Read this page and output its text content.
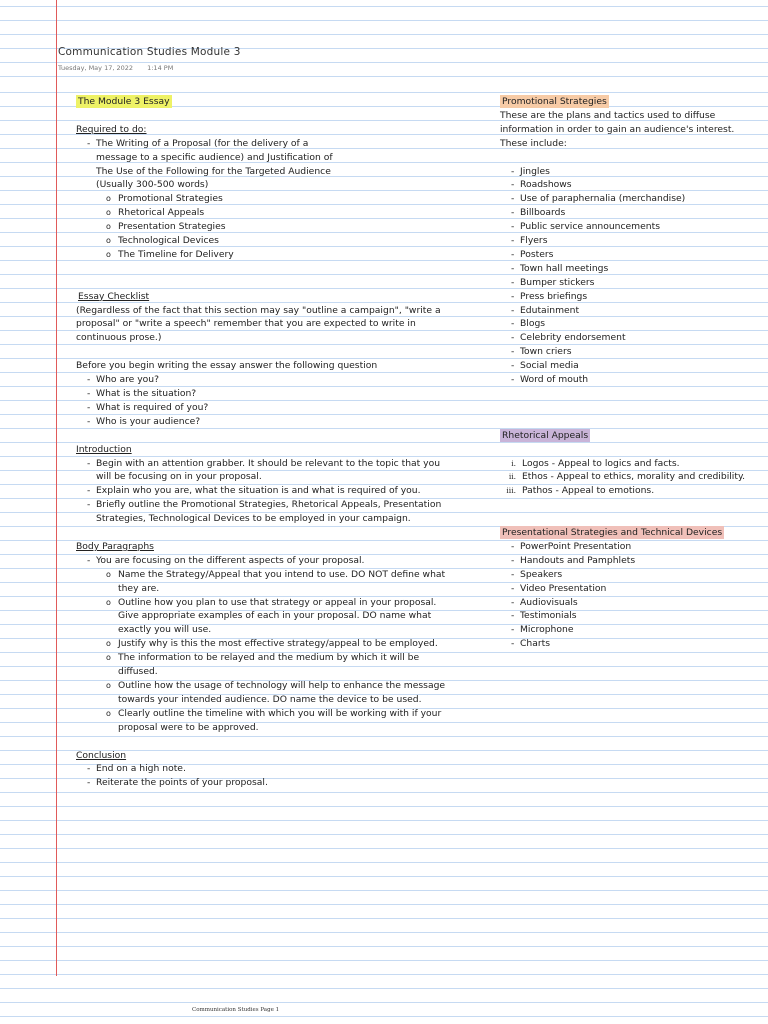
Communication Studies Module 3
Tuesday, May 17, 2022 1:14 PM
The Module 3 Essay
Required to do:
- The Writing of a Proposal (for the delivery of a message to a specific audience) and Justification of The Use of the Following for the Targeted Audience (Usually 300-500 words)
o Promotional Strategies
o Rhetorical Appeals
o Presentation Strategies
o Technological Devices
o The Timeline for Delivery
Essay Checklist
(Regardless of the fact that this section may say "outline a campaign", "write a proposal" or "write a speech" remember that you are expected to write in continuous prose.)
Before you begin writing the essay answer the following question
- Who are you?
- What is the situation?
- What is required of you?
- Who is your audience?
Introduction
- Begin with an attention grabber. It should be relevant to the topic that you will be focusing on in your proposal.
- Explain who you are, what the situation is and what is required of you.
- Briefly outline the Promotional Strategies, Rhetorical Appeals, Presentation Strategies, Technological Devices to be employed in your campaign.
Body Paragraphs
- You are focusing on the different aspects of your proposal.
o Name the Strategy/Appeal that you intend to use. DO NOT define what they are.
o Outline how you plan to use that strategy or appeal in your proposal. Give appropriate examples of each in your proposal. DO name what exactly you will use.
o Justify why is this the most effective strategy/appeal to be employed.
o The information to be relayed and the medium by which it will be diffused.
o Outline how the usage of technology will help to enhance the message towards your intended audience. DO name the device to be used.
o Clearly outline the timeline with which you will be working with if your proposal were to be approved.
Conclusion
- End on a high note.
- Reiterate the points of your proposal.
Promotional Strategies
These are the plans and tactics used to diffuse information in order to gain an audience's interest. These include:
- Jingles
- Roadshows
- Use of paraphernalia (merchandise)
- Billboards
- Public service announcements
- Flyers
- Posters
- Town hall meetings
- Bumper stickers
- Press briefings
- Edutainment
- Blogs
- Celebrity endorsement
- Town criers
- Social media
- Word of mouth
Rhetorical Appeals
i. Logos - Appeal to logics and facts.
ii. Ethos - Appeal to ethics, morality and credibility.
iii. Pathos - Appeal to emotions.
Presentational Strategies and Technical Devices
- PowerPoint Presentation
- Handouts and Pamphlets
- Speakers
- Video Presentation
- Audiovisuals
- Testimonials
- Microphone
- Charts
Communication Studies Page 1
